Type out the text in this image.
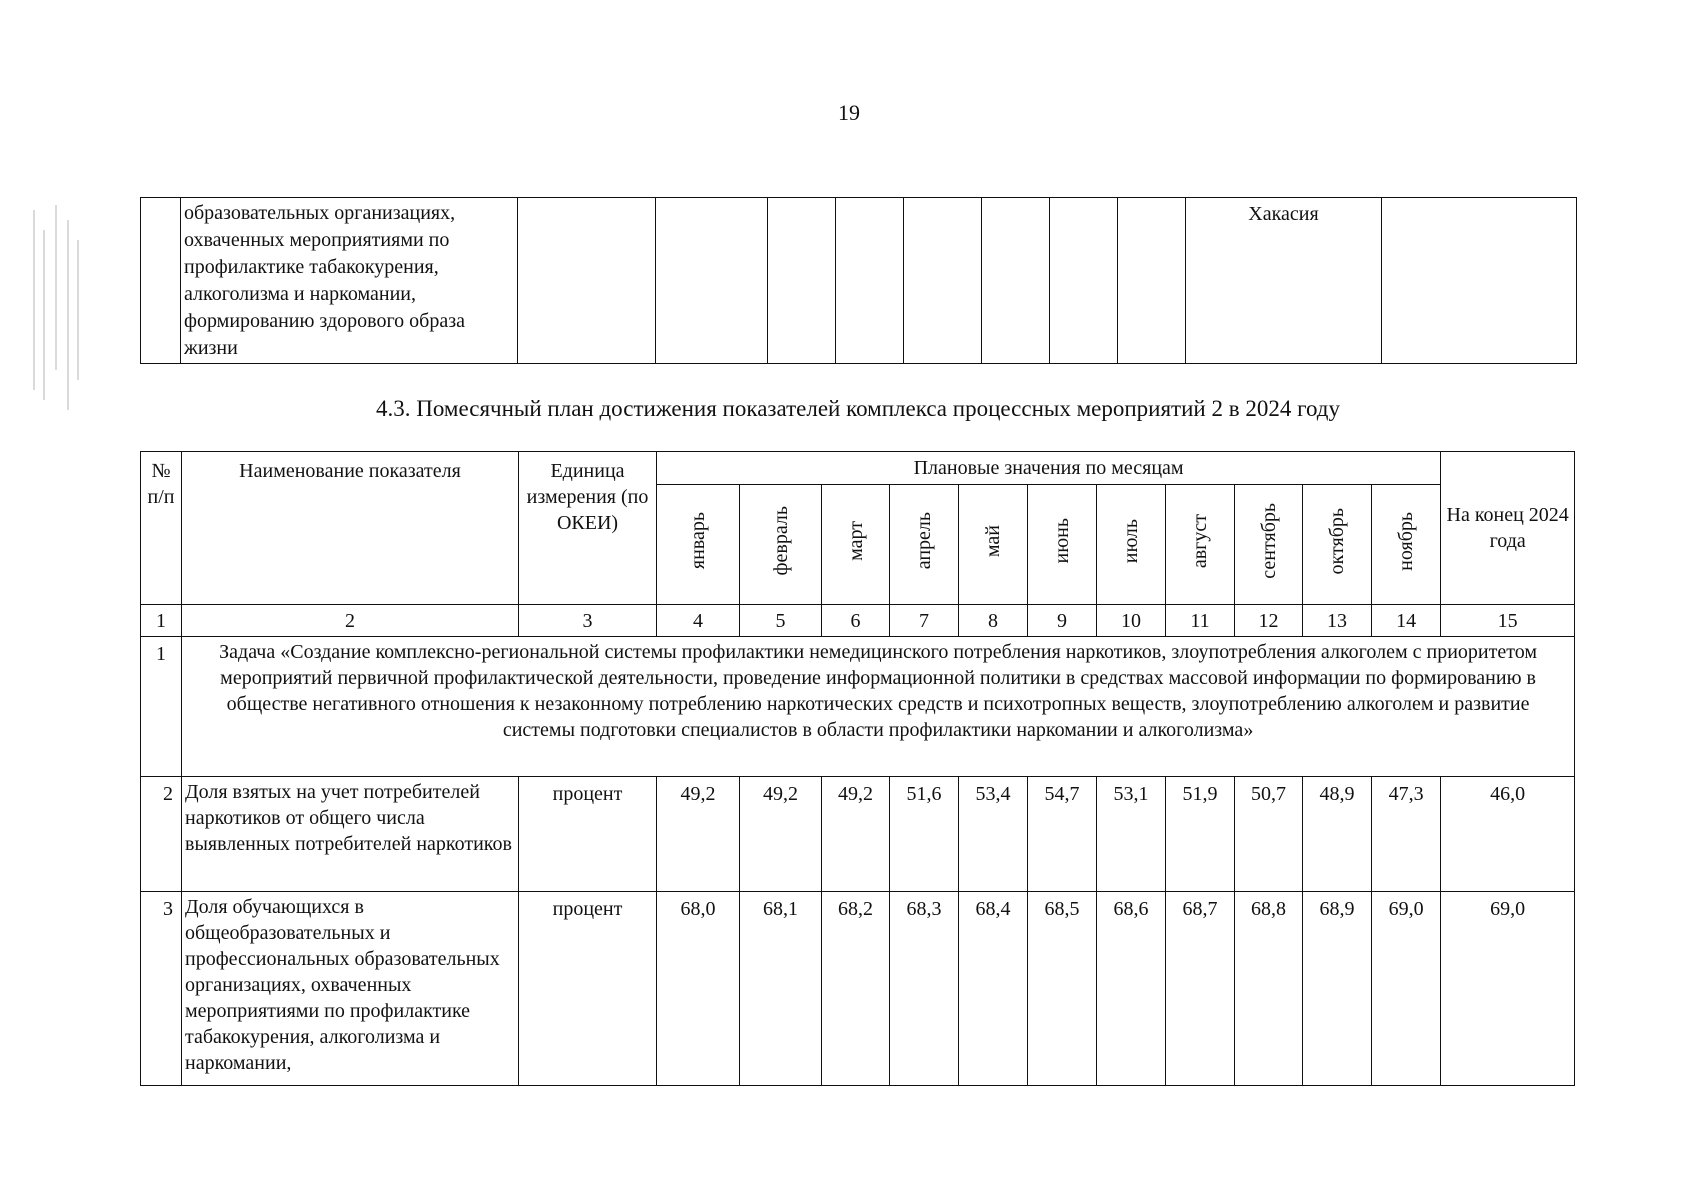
19
	образовательных организациях, охваченных мероприятиями по профилактике табакокурения, алкоголизма и наркомании, формированию здорового образа жизни									Хакасия	
4.3. Помесячный план достижения показателей комплекса процессных мероприятий 2 в 2024 году
№ п/п	Наименование показателя	Единица измерения (по ОКЕИ)	Плановые значения по месяцам											На конец 2024 года
			январь	февраль	март	апрель	май	июнь	июль	август	сентябрь	октябрь	ноябрь	
1	2	3	4	5	6	7	8	9	10	11	12	13	14	15
1	Задача «Создание комплексно-региональной системы профилактики немедицинского потребления наркотиков, злоупотребления алкоголем с приоритетом мероприятий первичной профилактической деятельности, проведение информационной политики в средствах массовой информации по формированию в обществе негативного отношения к незаконному потреблению наркотических средств и психотропных веществ, злоупотреблению алкоголем и развитие системы подготовки специалистов в области профилактики наркомании и алкоголизма»													
2	Доля взятых на учет потребителей наркотиков от общего числа выявленных потребителей наркотиков	процент	49,2	49,2	49,2	51,6	53,4	54,7	53,1	51,9	50,7	48,9	47,3	46,0
3	Доля обучающихся в общеобразовательных и профессиональных образовательных организациях, охваченных мероприятиями по профилактике табакокурения, алкоголизма и наркомании,	процент	68,0	68,1	68,2	68,3	68,4	68,5	68,6	68,7	68,8	68,9	69,0	69,0
